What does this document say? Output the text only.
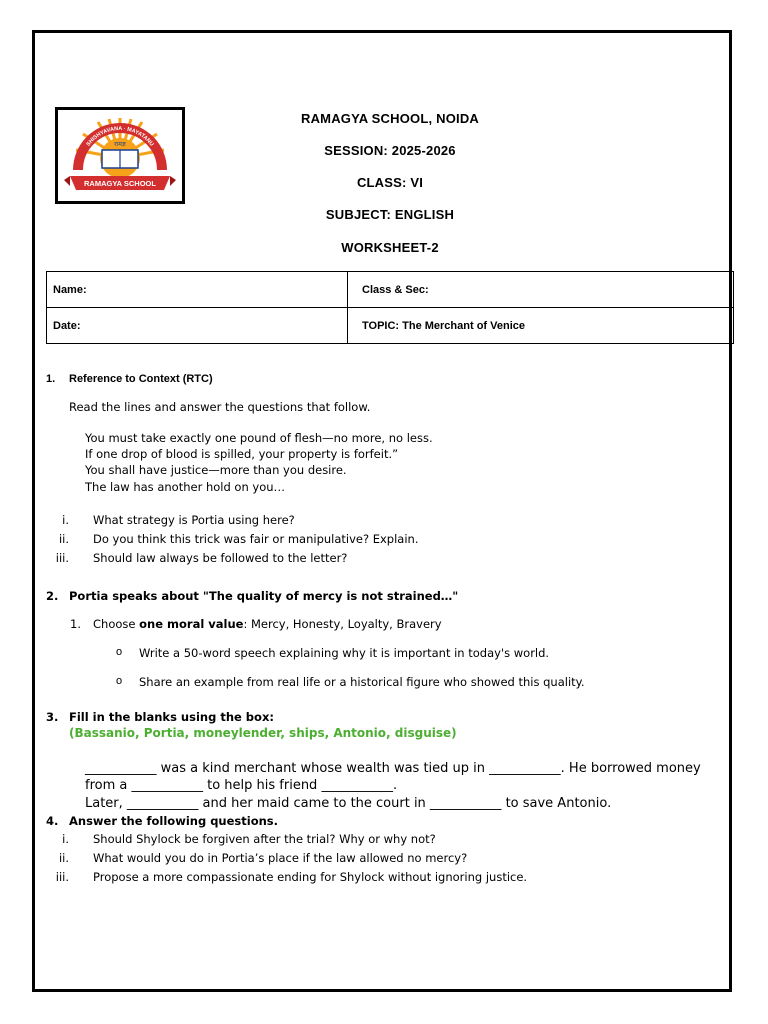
रामज्ञ
RAMAGYA SCHOOL
SHISHYAVANA · MAYATANU
RAMAGYA SCHOOL, NOIDA
SESSION: 2025-2026
CLASS: VI
SUBJECT: ENGLISH
WORKSHEET-2
Name:	Class & Sec:
Date:	TOPIC: The Merchant of Venice
1. Reference to Context (RTC)
Read the lines and answer the questions that follow.
You must take exactly one pound of flesh—no more, no less.
If one drop of blood is spilled, your property is forfeit.”
You shall have justice—more than you desire.
The law has another hold on you…
i. What strategy is Portia using here?
ii. Do you think this trick was fair or manipulative? Explain.
iii. Should law always be followed to the letter?
2. Portia speaks about "The quality of mercy is not strained…"
1. Choose one moral value: Mercy, Honesty, Loyalty, Bravery
o Write a 50-word speech explaining why it is important in today's world.
o Share an example from real life or a historical figure who showed this quality.
3. Fill in the blanks using the box:
(Bassanio, Portia, moneylender, ships, Antonio, disguise)
___________ was a kind merchant whose wealth was tied up in ___________. He borrowed money
from a ___________ to help his friend ___________.
Later, ___________ and her maid came to the court in ___________ to save Antonio.
4. Answer the following questions.
i. Should Shylock be forgiven after the trial? Why or why not?
ii. What would you do in Portia’s place if the law allowed no mercy?
iii. Propose a more compassionate ending for Shylock without ignoring justice.
